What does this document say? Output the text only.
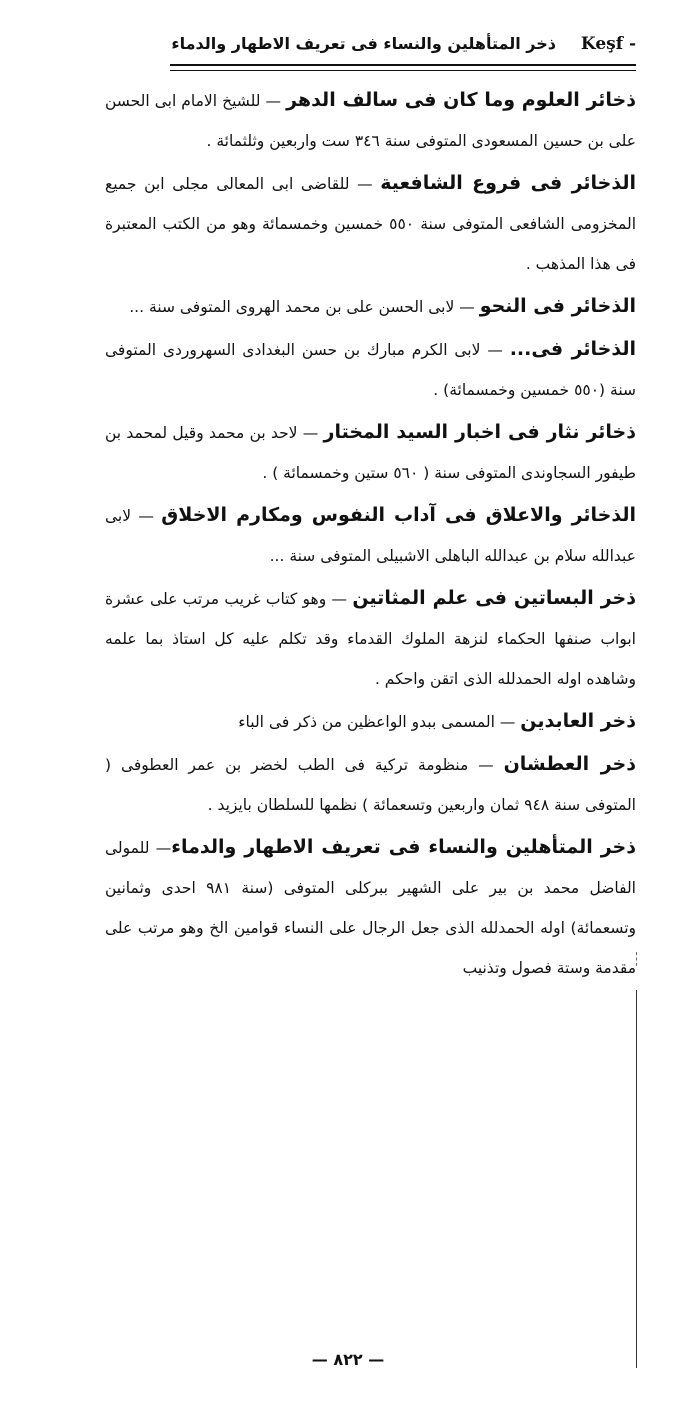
Keşf -
ذخر المتأهلين والنساء فى تعريف الاطهار والدماء
ذخائر العلوم وما كان فى سالف الدهر — للشيخ الامام ابى الحسن على بن حسين المسعودى المتوفى سنة ٣٤٦ ست واربعين وثلثمائة .
الذخائر فى فروع الشافعية — للقاضى ابى المعالى مجلى ابن جميع المخزومى الشافعى المتوفى سنة ٥٥٠ خمسين وخمسمائة وهو من الكتب المعتبرة فى هذا المذهب .
الذخائر فى النحو — لابى الحسن على بن محمد الهروى المتوفى سنة ...
الذخائر فى... — لابى الكرم مبارك بن حسن البغدادى السهروردى المتوفى سنة (٥٥٠ خمسين وخمسمائة) .
ذخائر نثار فى اخبار السيد المختار — لاحد بن محمد وقيل لمحمد بن طيفور السجاوندى المتوفى سنة ( ٥٦٠ ستين وخمسمائة ) .
الذخائر والاعلاق فى آداب النفوس ومكارم الاخلاق — لابى عبدالله سلام بن عبدالله الباهلى الاشبيلى المتوفى سنة ...
ذخر البساتين فى علم المثاتين — وهو كتاب غريب مرتب على عشرة ابواب صنفها الحكماء لنزهة الملوك القدماء وقد تكلم عليه كل استاذ بما علمه وشاهده اوله الحمدلله الذى اتقن واحكم .
ذخر العابدين — المسمى ببدو الواعظين من ذكر فى الباء
ذخر العطشان — منظومة تركية فى الطب لخضر بن عمر العطوفى ( المتوفى سنة ٩٤٨ ثمان واربعين وتسعمائة ) نظمها للسلطان بايزيد .
ذخر المتأهلين والنساء فى تعريف الاطهار والدماء— للمولى الفاضل محمد بن بير على الشهير ببركلى المتوفى (سنة ٩٨١ احدى وثمانين وتسعمائة) اوله الحمدلله الذى جعل الرجال على النساء قوامين الخ وهو مرتب على مقدمة وستة فصول وتذنيب
— ٨٢٢ —
